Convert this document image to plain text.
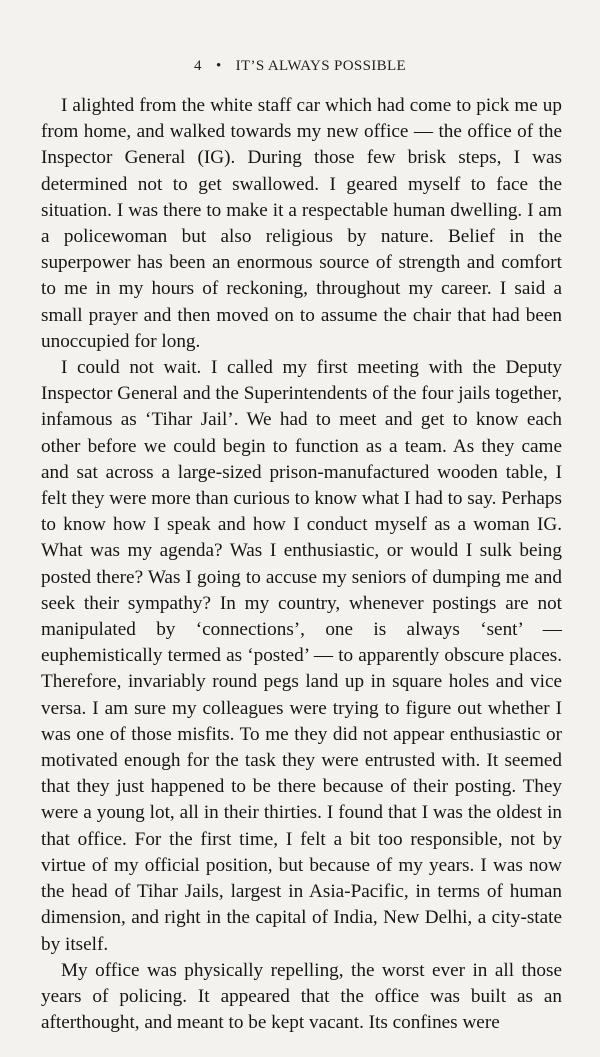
4 • IT’S ALWAYS POSSIBLE

I alighted from the white staff car which had come to pick me up from home, and walked towards my new office — the office of the Inspector General (IG). During those few brisk steps, I was determined not to get swallowed. I geared myself to face the situation. I was there to make it a respectable human dwelling. I am a policewoman but also religious by nature. Belief in the superpower has been an enormous source of strength and comfort to me in my hours of reckoning, throughout my career. I said a small prayer and then moved on to assume the chair that had been unoccupied for long.

I could not wait. I called my first meeting with the Deputy Inspector General and the Superintendents of the four jails together, infamous as ‘Tihar Jail’. We had to meet and get to know each other before we could begin to function as a team. As they came and sat across a large-sized prison-manufactured wooden table, I felt they were more than curious to know what I had to say. Perhaps to know how I speak and how I conduct myself as a woman IG. What was my agenda? Was I enthusiastic, or would I sulk being posted there? Was I going to accuse my seniors of dumping me and seek their sympathy? In my country, whenever postings are not manipulated by ‘connections’, one is always ‘sent’ — euphemistically termed as ‘posted’ — to apparently obscure places. Therefore, invariably round pegs land up in square holes and vice versa. I am sure my colleagues were trying to figure out whether I was one of those misfits. To me they did not appear enthusiastic or motivated enough for the task they were entrusted with. It seemed that they just happened to be there because of their posting. They were a young lot, all in their thirties. I found that I was the oldest in that office. For the first time, I felt a bit too responsible, not by virtue of my official position, but because of my years. I was now the head of Tihar Jails, largest in Asia-Pacific, in terms of human dimension, and right in the capital of India, New Delhi, a city-state by itself.

My office was physically repelling, the worst ever in all those years of policing. It appeared that the office was built as an afterthought, and meant to be kept vacant. Its confines were
